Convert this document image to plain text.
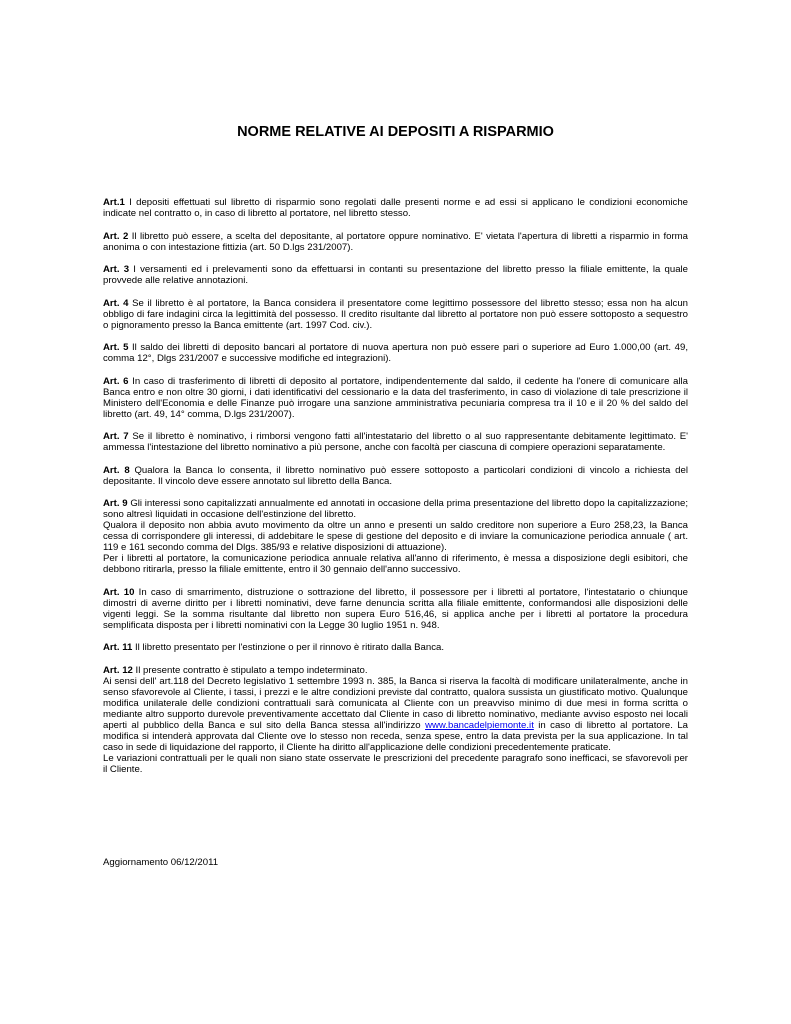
NORME RELATIVE AI DEPOSITI A RISPARMIO

Art.1 I depositi effettuati sul libretto di risparmio sono regolati dalle presenti norme e ad essi si applicano le condizioni economiche indicate nel contratto o, in caso di libretto al portatore, nel libretto stesso.

Art. 2 Il libretto può essere, a scelta del depositante, al portatore oppure nominativo. E' vietata l'apertura di libretti a risparmio in forma anonima o con intestazione fittizia (art. 50 D.lgs 231/2007).

Art. 3 I versamenti ed i prelevamenti sono da effettuarsi in contanti su presentazione del libretto presso la filiale emittente, la quale provvede alle relative annotazioni.

Art. 4 Se il libretto è al portatore, la Banca considera il presentatore come legittimo possessore del libretto stesso; essa non ha alcun obbligo di fare indagini circa la legittimità del possesso. Il credito risultante dal libretto al portatore non può essere sottoposto a sequestro o pignoramento presso la Banca emittente (art. 1997 Cod. civ.).

Art. 5 Il saldo dei libretti di deposito bancari al portatore di nuova apertura non può essere pari o superiore ad Euro 1.000,00 (art. 49, comma 12°, Dlgs 231/2007 e successive modifiche ed integrazioni).

Art. 6 In caso di trasferimento di libretti di deposito al portatore, indipendentemente dal saldo, il cedente ha l'onere di comunicare alla Banca entro e non oltre 30 giorni, i dati identificativi del cessionario e la data del trasferimento, in caso di violazione di tale prescrizione il Ministero dell'Economia e delle Finanze può irrogare una sanzione amministrativa pecuniaria compresa tra il 10 e il 20 % del saldo del libretto (art. 49, 14° comma, D.lgs 231/2007).

Art. 7 Se il libretto è nominativo, i rimborsi vengono fatti all'intestatario del libretto o al suo rappresentante debitamente legittimato. E' ammessa l'intestazione del libretto nominativo a più persone, anche con facoltà per ciascuna di compiere operazioni separatamente.

Art. 8 Qualora la Banca lo consenta, il libretto nominativo può essere sottoposto a particolari condizioni di vincolo a richiesta del depositante. Il vincolo deve essere annotato sul libretto della Banca.

Art. 9 Gli interessi sono capitalizzati annualmente ed annotati in occasione della prima presentazione del libretto dopo la capitalizzazione; sono altresì liquidati in occasione dell'estinzione del libretto.

Qualora il deposito non abbia avuto movimento da oltre un anno e presenti un saldo creditore non superiore a Euro 258,23, la Banca cessa di corrispondere gli interessi, di addebitare le spese di gestione del deposito e di inviare la comunicazione periodica annuale ( art. 119 e 161 secondo comma del Dlgs. 385/93 e relative disposizioni di attuazione).

Per i libretti al portatore, la comunicazione periodica annuale relativa all'anno di riferimento, è messa a disposizione degli esibitori, che debbono ritirarla, presso la filiale emittente, entro il 30 gennaio dell'anno successivo.

Art. 10 In caso di smarrimento, distruzione o sottrazione del libretto, il possessore per i libretti al portatore, l'intestatario o chiunque dimostri di averne diritto per i libretti nominativi, deve farne denuncia scritta alla filiale emittente, conformandosi alle disposizioni delle vigenti leggi. Se la somma risultante dal libretto non supera Euro 516,46, si applica anche per i libretti al portatore la procedura semplificata disposta per i libretti nominativi con la Legge 30 luglio 1951 n. 948.

Art. 11 Il libretto presentato per l'estinzione o per il rinnovo è ritirato dalla Banca.

Art. 12 Il presente contratto è stipulato a tempo indeterminato.

Ai sensi dell' art.118 del Decreto legislativo 1 settembre 1993 n. 385, la Banca si riserva la facoltà di modificare unilateralmente, anche in senso sfavorevole al Cliente, i tassi, i prezzi e le altre condizioni previste dal contratto, qualora sussista un giustificato motivo. Qualunque modifica unilaterale delle condizioni contrattuali sarà comunicata al Cliente con un preavviso minimo di due mesi in forma scritta o mediante altro supporto durevole preventivamente accettato dal Cliente in caso di libretto nominativo, mediante avviso esposto nei locali aperti al pubblico della Banca e sul sito della Banca stessa all'indirizzo www.bancadelpiemonte.it in caso di libretto al portatore. La modifica si intenderà approvata dal Cliente ove lo stesso non receda, senza spese, entro la data prevista per la sua applicazione. In tal caso in sede di liquidazione del rapporto, il Cliente ha diritto all'applicazione delle condizioni precedentemente praticate.

Le variazioni contrattuali per le quali non siano state osservate le prescrizioni del precedente paragrafo sono inefficaci, se sfavorevoli per il Cliente.

Aggiornamento 06/12/2011
